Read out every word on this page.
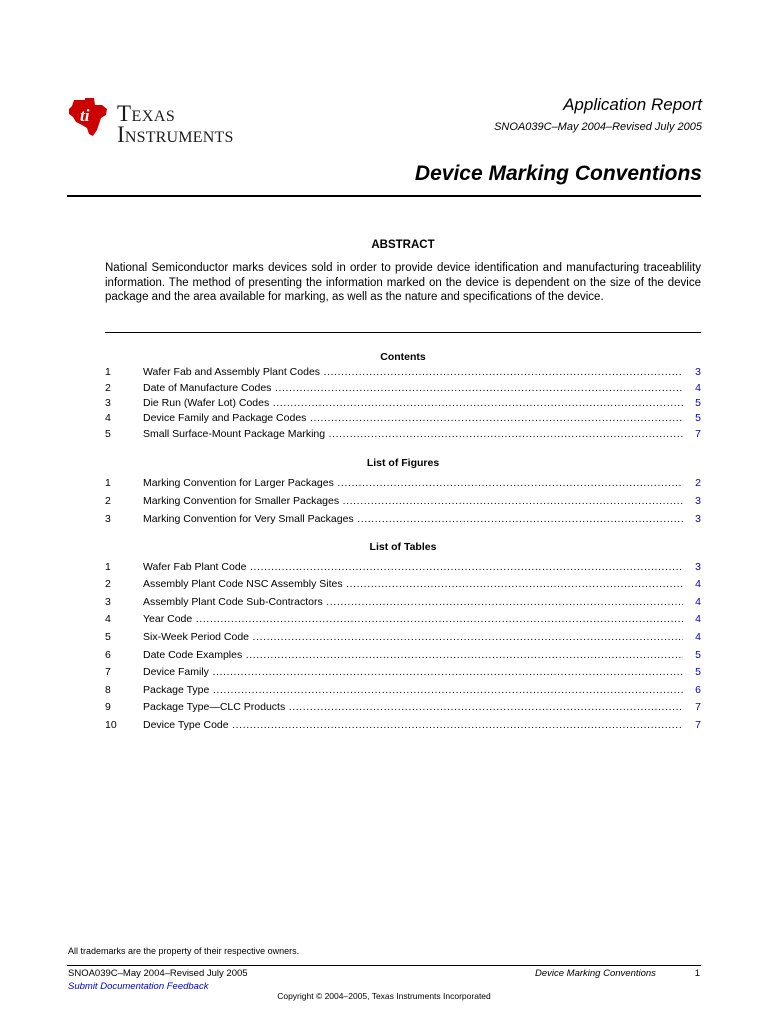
ti Texas
Instruments
Application Report
SNOA039C–May 2004–Revised July 2005
Device Marking Conventions
ABSTRACT
National Semiconductor marks devices sold in order to provide device identification and manufacturing traceablility information. The method of presenting the information marked on the device is dependent on the size of the device package and the area available for marking, as well as the nature and specifications of the device.
Contents
1	Wafer Fab and Assembly Plant Codes .....	3
2	Date of Manufacture Codes .....	4
3	Die Run (Wafer Lot) Codes .....	5
4	Device Family and Package Codes .....	5
5	Small Surface-Mount Package Marking .....	7
List of Figures
1	Marking Convention for Larger Packages .....	2
2	Marking Convention for Smaller Packages .....	3
3	Marking Convention for Very Small Packages .....	3
List of Tables
1	Wafer Fab Plant Code .....	3
2	Assembly Plant Code NSC Assembly Sites .....	4
3	Assembly Plant Code Sub-Contractors .....	4
4	Year Code .....	4
5	Six-Week Period Code .....	4
6	Date Code Examples .....	5
7	Device Family .....	5
8	Package Type .....	6
9	Package Type—CLC Products .....	7
10	Device Type Code .....	7
All trademarks are the property of their respective owners.
SNOA039C–May 2004–Revised July 2005
Submit Documentation Feedback
Device Marking Conventions	1
Copyright © 2004–2005, Texas Instruments Incorporated
